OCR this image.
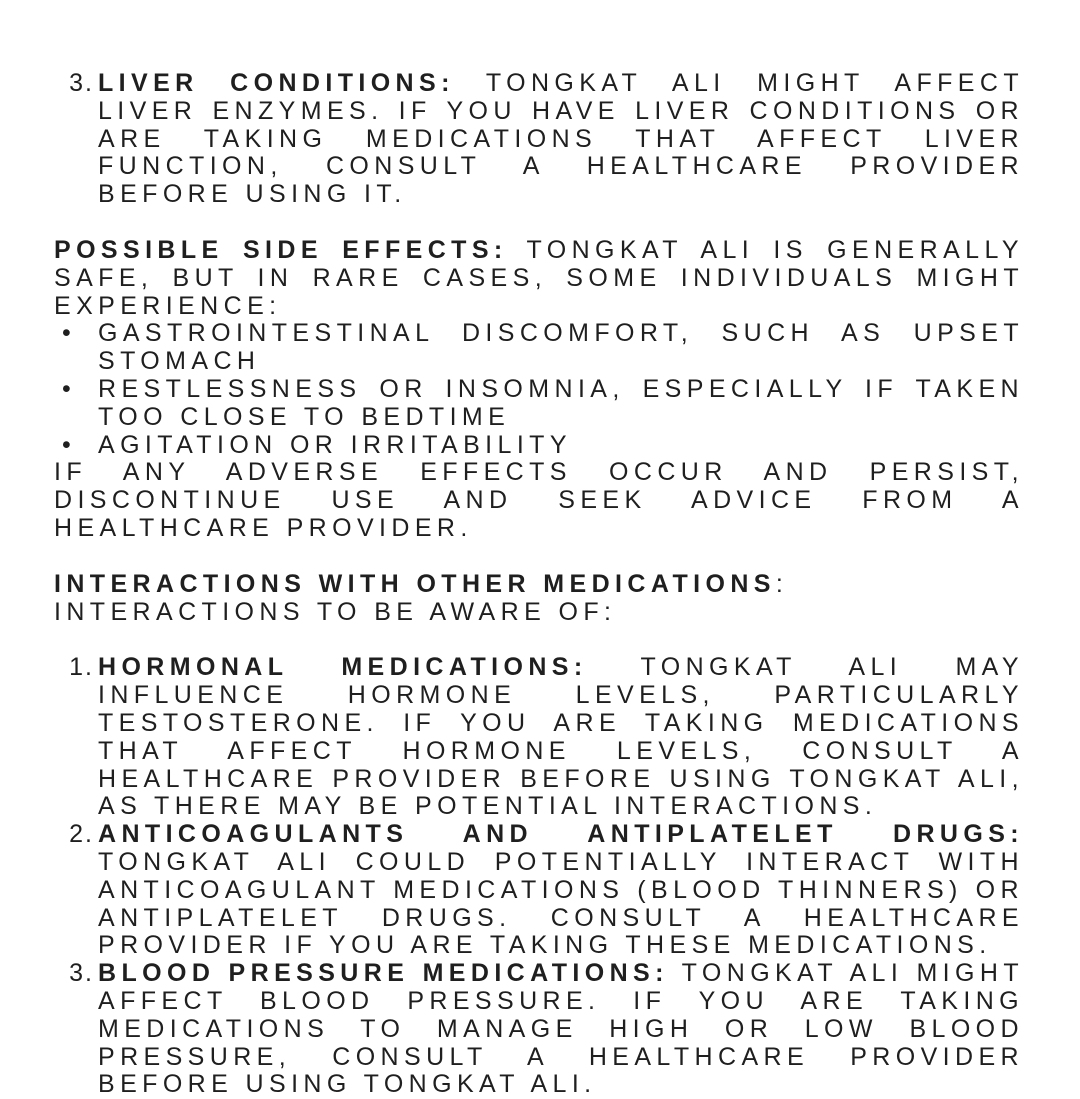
3. LIVER CONDITIONS: TONGKAT ALI MIGHT AFFECT LIVER ENZYMES. IF YOU HAVE LIVER CONDITIONS OR ARE TAKING MEDICATIONS THAT AFFECT LIVER FUNCTION, CONSULT A HEALTHCARE PROVIDER BEFORE USING IT.
POSSIBLE SIDE EFFECTS: TONGKAT ALI IS GENERALLY SAFE, BUT IN RARE CASES, SOME INDIVIDUALS MIGHT EXPERIENCE:
•	GASTROINTESTINAL DISCOMFORT, SUCH AS UPSET STOMACH
•	RESTLESSNESS OR INSOMNIA, ESPECIALLY IF TAKEN TOO CLOSE TO BEDTIME
•	AGITATION OR IRRITABILITY
IF ANY ADVERSE EFFECTS OCCUR AND PERSIST, DISCONTINUE USE AND SEEK ADVICE FROM A HEALTHCARE PROVIDER.
INTERACTIONS WITH OTHER MEDICATIONS:
INTERACTIONS TO BE AWARE OF:
1. HORMONAL MEDICATIONS: TONGKAT ALI MAY INFLUENCE HORMONE LEVELS, PARTICULARLY TESTOSTERONE. IF YOU ARE TAKING MEDICATIONS THAT AFFECT HORMONE LEVELS, CONSULT A HEALTHCARE PROVIDER BEFORE USING TONGKAT ALI, AS THERE MAY BE POTENTIAL INTERACTIONS.
2. ANTICOAGULANTS AND ANTIPLATELET DRUGS: TONGKAT ALI COULD POTENTIALLY INTERACT WITH ANTICOAGULANT MEDICATIONS (BLOOD THINNERS) OR ANTIPLATELET DRUGS. CONSULT A HEALTHCARE PROVIDER IF YOU ARE TAKING THESE MEDICATIONS.
3. BLOOD PRESSURE MEDICATIONS: TONGKAT ALI MIGHT AFFECT BLOOD PRESSURE. IF YOU ARE TAKING MEDICATIONS TO MANAGE HIGH OR LOW BLOOD PRESSURE, CONSULT A HEALTHCARE PROVIDER BEFORE USING TONGKAT ALI.
